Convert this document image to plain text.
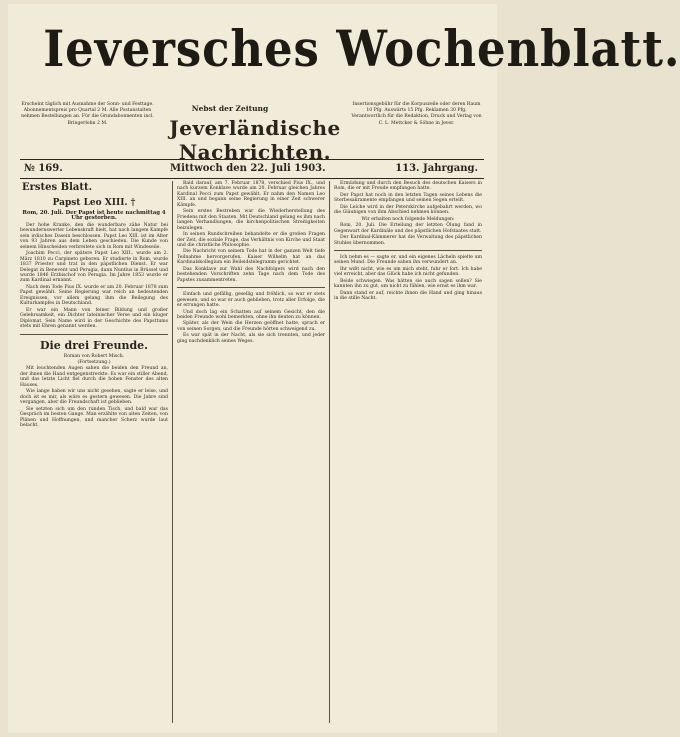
Ieversches Wochenblatt.
Erscheint täglich mit Ausnahme der Sonn- und Festtage. Abonnementspreis pro Quartal 2 M. Alle Postanstalten nehmen Bestellungen an. Für die Grundabonnenten incl. Bringerlohn 2 M.
Nebst der Zeitung	Insertionsgebühr für die Korpuszeile oder deren Raum 10 Pfg. Auswärts 15 Pfg. Reklamen 30 Pfg. Verantwortlich für die Redaktion, Druck und Verlag von C. L. Mettcker & Söhne in Jever.
Jeverländische Nachrichten.
№ 169.	Mittwoch den 22. Juli 1903.	113. Jahrgang.
Erstes Blatt.
Papst Leo XIII. †

Rom, 20. Juli. Der Papst ist heute nachmittag 4 Uhr gestorben.

Der hohe Kranke, den die wunderbare zähe Natur bei bewundernswerter Lebenskraft hielt, hat nach langem Kampfe sein irdisches Dasein beschlossen. Papst Leo XIII. ist im Alter von 93 Jahren aus dem Leben geschieden. Die Kunde von seinem Hinscheiden verbreitete sich in Rom mit Windeseile.

Joachim Pecci, der spätere Papst Leo XIII., wurde am 2. März 1810 zu Carpineto geboren. Er studierte in Rom, wurde 1837 Priester und trat in den päpstlichen Dienst. Er war Delegat in Benevent und Perugia, dann Nuntius in Brüssel und wurde 1846 Erzbischof von Perugia. Im Jahre 1853 wurde er zum Kardinal ernannt.

Nach dem Tode Pius IX. wurde er am 20. Februar 1878 zum Papst gewählt. Seine Regierung war reich an bedeutenden Ereignissen, vor allem gelang ihm die Beilegung des Kulturkampfes in Deutschland.

Er war ein Mann von feiner Bildung und großer Gelehrsamkeit, ein Dichter lateinischer Verse und ein kluger Diplomat. Sein Name wird in der Geschichte des Papsttums stets mit Ehren genannt werden.

Die drei Freunde.

Roman von Robert Misch.

(Fortsetzung.)

Mit leuchtenden Augen sahen die beiden den Freund an, der ihnen die Hand entgegenstreckte. Es war ein stiller Abend, und das letzte Licht fiel durch die hohen Fenster des alten Hauses.

Wie lange haben wir uns nicht gesehen, sagte er leise, und doch ist es mir, als wäre es gestern gewesen. Die Jahre sind vergangen, aber die Freundschaft ist geblieben.

Sie setzten sich um den runden Tisch, und bald war das Gespräch im besten Gange. Man erzählte von alten Zeiten, von Plänen und Hoffnungen, und mancher Scherz wurde laut belacht.

Bald darauf, am 7. Februar 1878, verschied Pius IX., und nach kurzem Konklave wurde am 20. Februar gleichen Jahres Kardinal Pecci zum Papst gewählt. Er nahm den Namen Leo XIII. an und begann seine Regierung in einer Zeit schwerer Kämpfe.

Sein erstes Bestreben war die Wiederherstellung des Friedens mit den Staaten. Mit Deutschland gelang es ihm nach langen Verhandlungen, die kirchenpolitischen Streitigkeiten beizulegen.

In seinen Rundschreiben behandelte er die großen Fragen der Zeit, die soziale Frage, das Verhältnis von Kirche und Staat und die christliche Philosophie.

Die Nachricht von seinem Tode hat in der ganzen Welt tiefe Teilnahme hervorgerufen. Kaiser Wilhelm hat an das Kardinalskollegium ein Beileidstelegramm gerichtet.

Das Konklave zur Wahl des Nachfolgers wird nach den bestehenden Vorschriften zehn Tage nach dem Tode des Papstes zusammentreten.

Einfach und gefällig, gesellig und fröhlich, so war er stets gewesen, und so war er auch geblieben, trotz aller Erfolge, die er errungen hatte.

Und doch lag ein Schatten auf seinem Gesicht, den die beiden Freunde wohl bemerkten, ohne ihn deuten zu können.

Später, als der Wein die Herzen geöffnet hatte, sprach er von seinen Sorgen, und die Freunde hörten schweigend zu.

Es war spät in der Nacht, als sie sich trennten, und jeder ging nachdenklich seines Weges.

Ermüdung und durch den Besuch des deutschen Kaisers in Rom, die er mit Freude empfangen hatte.

Der Papst hat noch in den letzten Tagen seines Lebens die Sterbesakramente empfangen und seinen Segen erteilt.

Die Leiche wird in der Peterskirche aufgebahrt werden, wo die Gläubigen von ihm Abschied nehmen können.

Wir erhalten noch folgende Meldungen:

Rom, 20. Juli. Die Erteilung der letzten Ölung fand in Gegenwart der Kardinäle und des päpstlichen Hofstaates statt.

Der Kardinal-Kämmerer hat die Verwaltung des päpstlichen Stuhles übernommen.

Ich nehm es — sagte er, und ein eigenes Lächeln spielte um seinen Mund. Die Freunde sahen ihn verwundert an.

Ihr wißt nicht, wie es um mich steht, fuhr er fort. Ich habe viel erreicht, aber das Glück habe ich nicht gefunden.

Beide schwiegen. Was hätten sie auch sagen sollen? Sie kannten ihn zu gut, um nicht zu fühlen, wie ernst es ihm war.

Dann stand er auf, reichte ihnen die Hand und ging hinaus in die stille Nacht.
